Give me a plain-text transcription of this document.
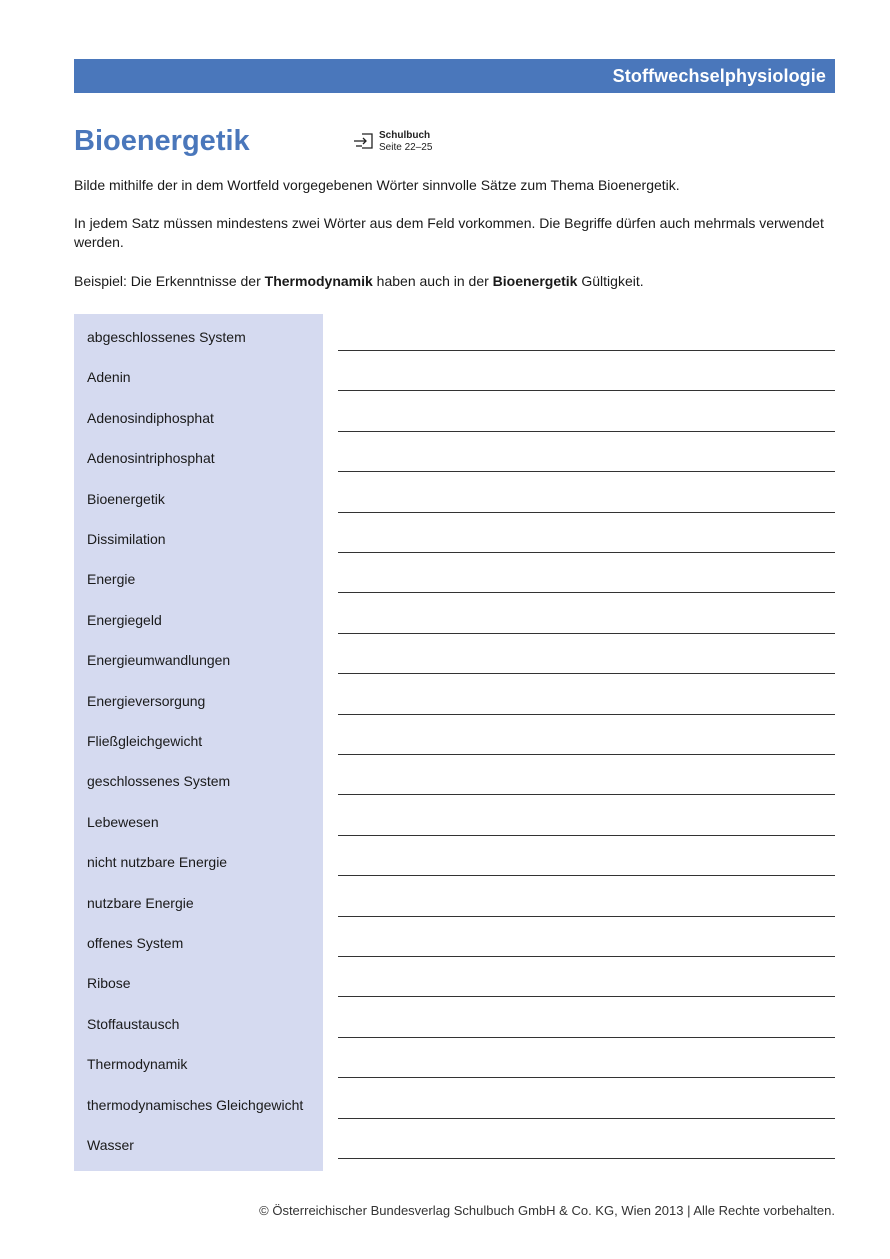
Stoffwechselphysiologie
Bioenergetik	Schulbuch
Seite 22–25

Bilde mithilfe der in dem Wortfeld vorgegebenen Wörter sinnvolle Sätze zum Thema Bioenergetik.

In jedem Satz müssen mindestens zwei Wörter aus dem Feld vorkommen. Die Begriffe dürfen auch mehrmals verwendet werden.

Beispiel: Die Erkenntnisse der Thermodynamik haben auch in der Bioenergetik Gültigkeit.

abgeschlossenes System
Adenin
Adenosindiphosphat
Adenosintriphosphat
Bioenergetik
Dissimilation
Energie
Energiegeld
Energieumwandlungen
Energieversorgung
Fließgleichgewicht
geschlossenes System
Lebewesen
nicht nutzbare Energie
nutzbare Energie
offenes System
Ribose
Stoffaustausch
Thermodynamik
thermodynamisches Gleichgewicht
Wasser
© Österreichischer Bundesverlag Schulbuch GmbH & Co. KG, Wien 2013 | Alle Rechte vorbehalten.
